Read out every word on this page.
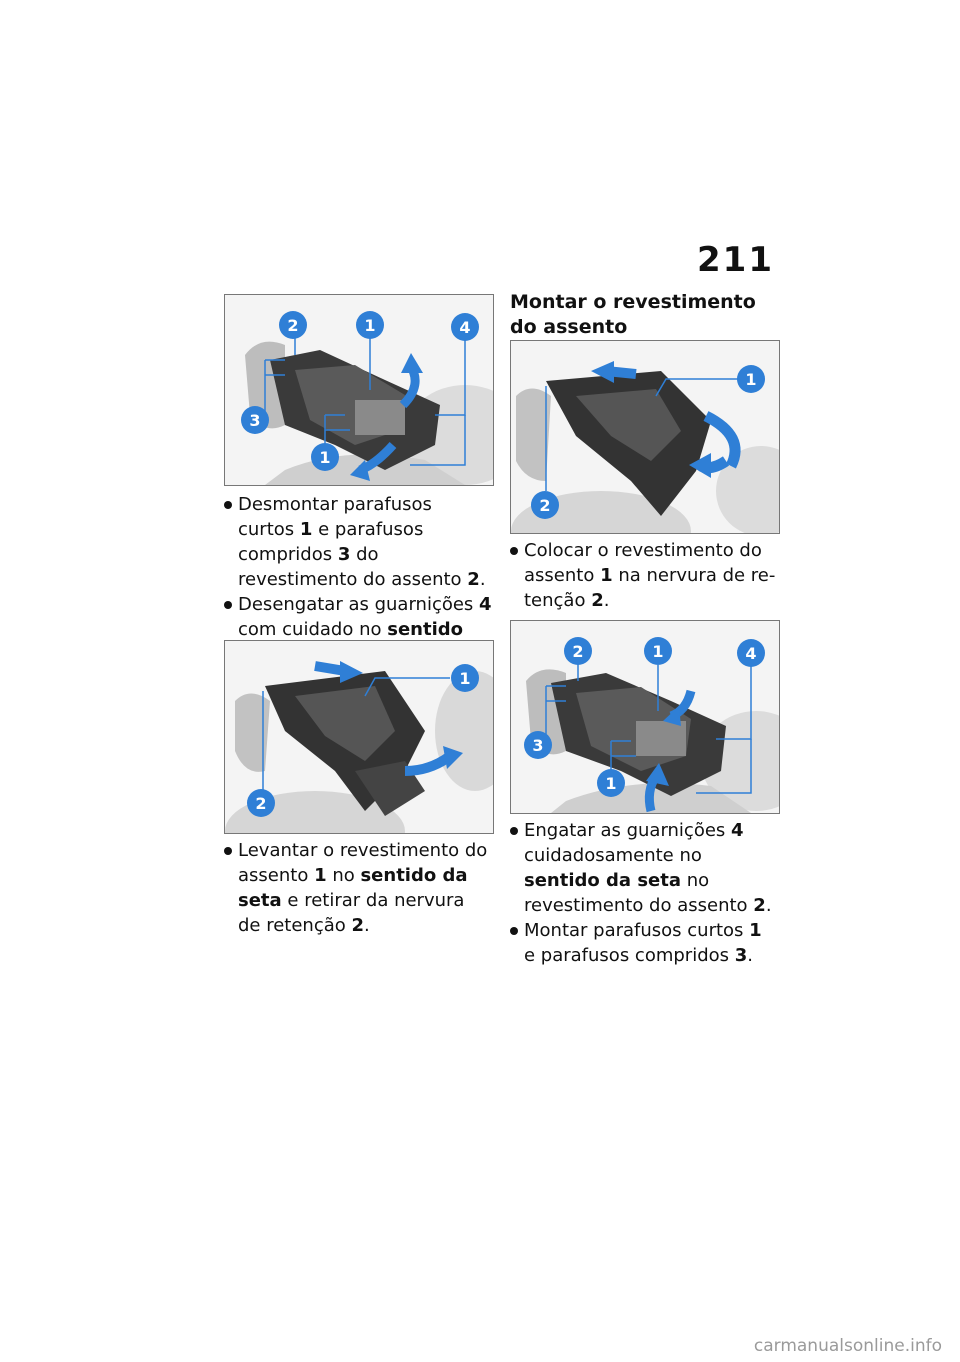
211
2	1	4
3
1

Desmontar parafusos curtos 1 e parafusos compridos 3 do revestimento do assento 2.

Desengatar as guarnições 4 com cuidado no sentido

1
2

Levantar o revestimento do assento 1 no sentido da seta e retirar da nervura de retenção 2.

Montar o revestimento do assento
1
2

Colocar o revestimento do assento 1 na nervura de retenção 2.

2	1	4
3
1

Engatar as guarnições 4 cuidadosamente no sentido da seta no revestimento do assento 2.

Montar parafusos curtos 1 e parafusos compridos 3.

carmanualsonline.info
